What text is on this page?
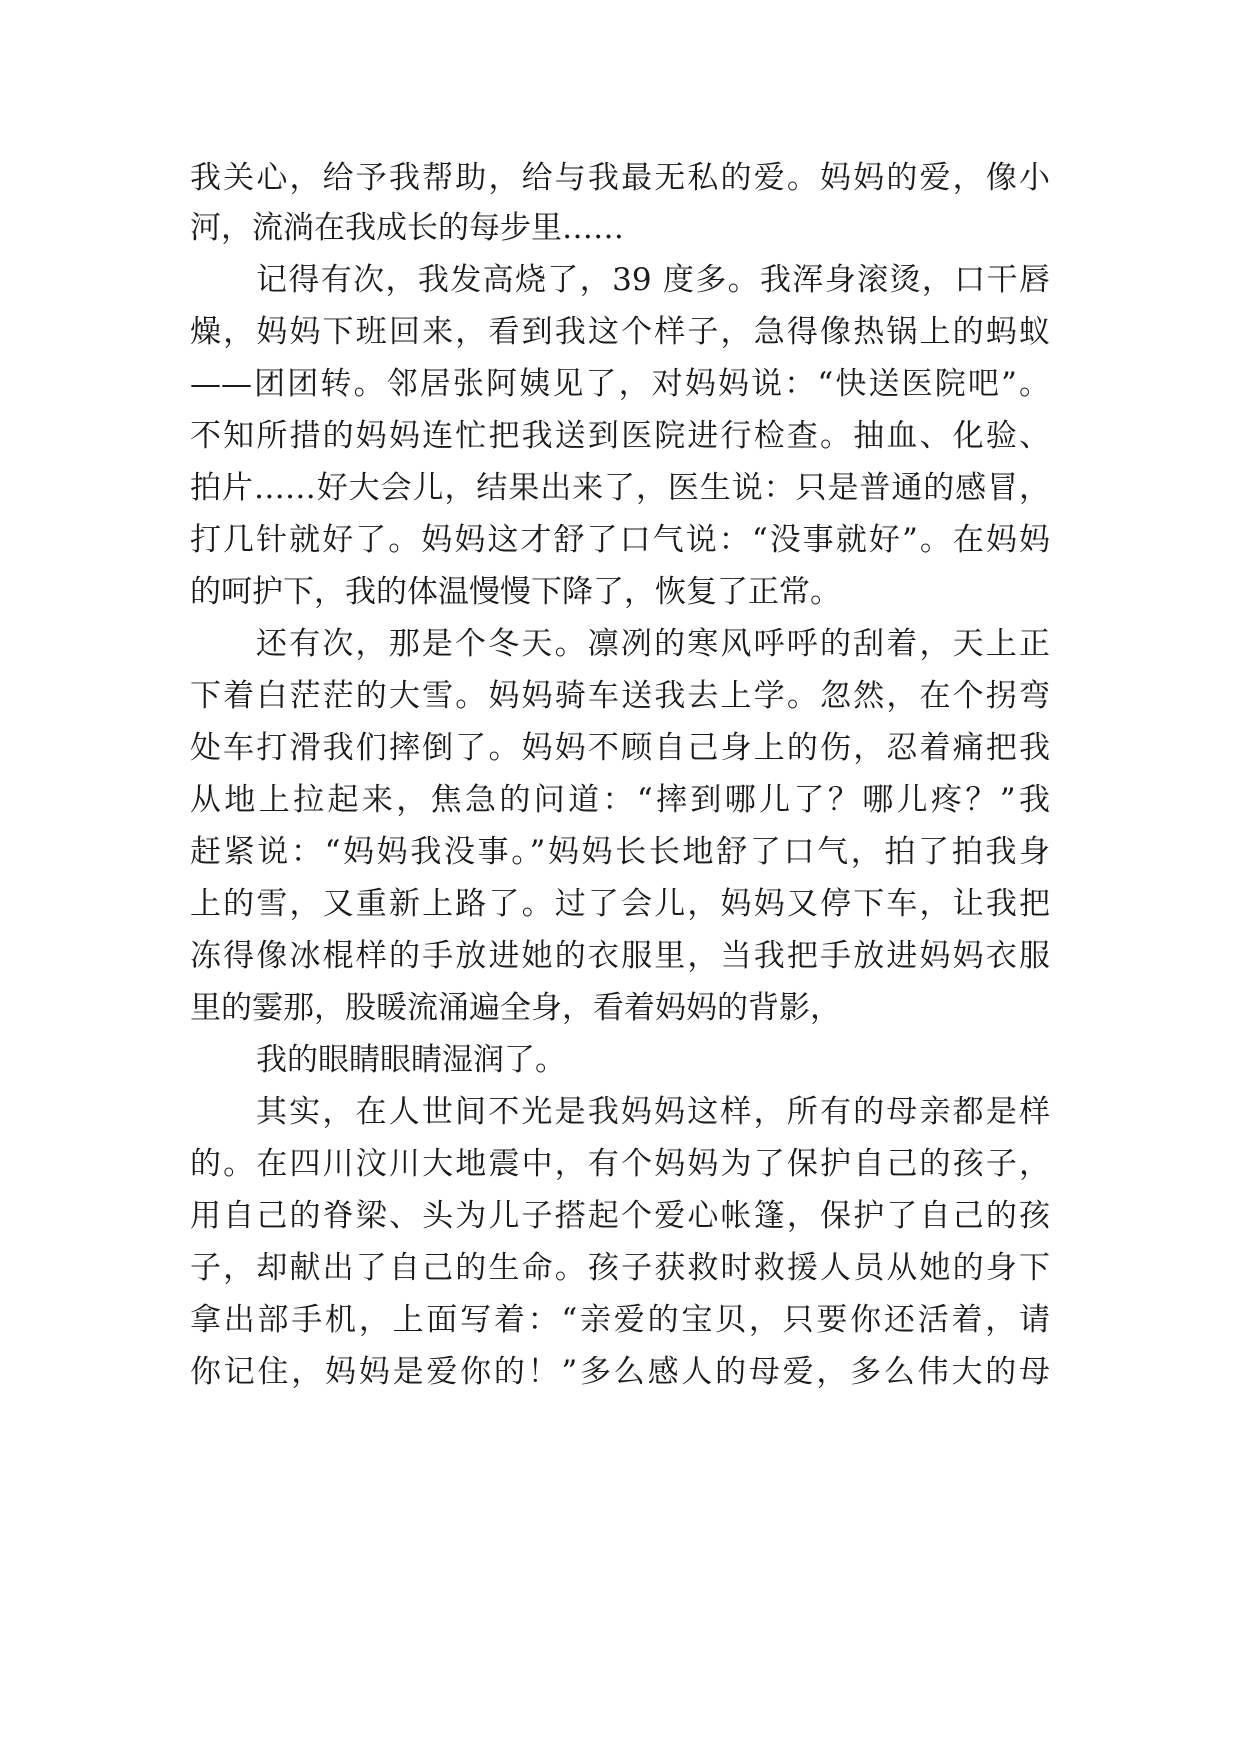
我关心，给予我帮助，给与我最无私的爱。妈妈的爱，像小
河，流淌在我成长的每步里……
记得有次，我发高烧了，39 度多。我浑身滚烫，口干唇
燥，妈妈下班回来，看到我这个样子，急得像热锅上的蚂蚁
——团团转。邻居张阿姨见了，对妈妈说：“快送医院吧”。
不知所措的妈妈连忙把我送到医院进行检查。抽血、化验、
拍片……好大会儿，结果出来了，医生说：只是普通的感冒，
打几针就好了。妈妈这才舒了口气说：“没事就好”。在妈妈
的呵护下，我的体温慢慢下降了，恢复了正常。
还有次，那是个冬天。凛冽的寒风呼呼的刮着，天上正
下着白茫茫的大雪。妈妈骑车送我去上学。忽然，在个拐弯
处车打滑我们摔倒了。妈妈不顾自己身上的伤，忍着痛把我
从地上拉起来，焦急的问道：“摔到哪儿了？哪儿疼？”我
赶紧说：“妈妈我没事。”妈妈长长地舒了口气，拍了拍我身
上的雪，又重新上路了。过了会儿，妈妈又停下车，让我把
冻得像冰棍样的手放进她的衣服里，当我把手放进妈妈衣服
里的霎那，股暖流涌遍全身，看着妈妈的背影，
我的眼睛眼睛湿润了。
其实，在人世间不光是我妈妈这样，所有的母亲都是样
的。在四川汶川大地震中，有个妈妈为了保护自己的孩子，
用自己的脊梁、头为儿子搭起个爱心帐篷，保护了自己的孩
子，却献出了自己的生命。孩子获救时救援人员从她的身下
拿出部手机，上面写着：“亲爱的宝贝，只要你还活着，请
你记住，妈妈是爱你的！”多么感人的母爱，多么伟大的母
